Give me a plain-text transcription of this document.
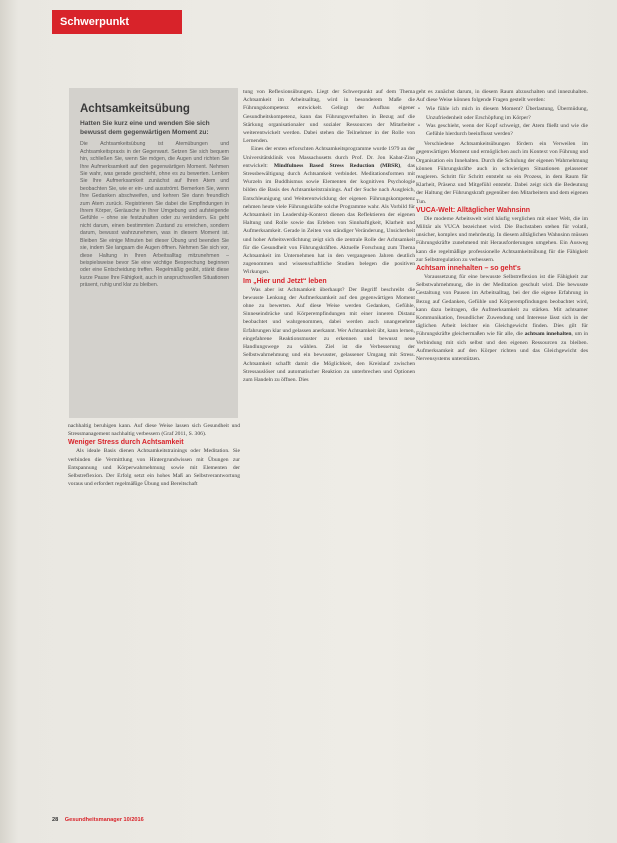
Schwerpunkt
Achtsamkeitsübung
Hatten Sie kurz eine und wenden Sie sich bewusst dem gegenwärtigen Moment zu:
Die Achtsamkeitsübung ist Atemübungen und Achtsamkeitspraxis in der Gegenwart. Setzen Sie sich bequem hin, schließen Sie, wenn Sie mögen, die Augen und richten Sie Ihre Aufmerksamkeit auf den gegenwärtigen Moment. Nehmen Sie wahr, was gerade geschieht, ohne es zu bewerten. Lenken Sie Ihre Aufmerksamkeit zunächst auf Ihren Atem und beobachten Sie, wie er ein- und ausströmt. Bemerken Sie, wenn Ihre Gedanken abschweifen, und kehren Sie dann freundlich zum Atem zurück. Registrieren Sie dabei die Empfindungen in Ihrem Körper, Geräusche in Ihrer Umgebung und aufsteigende Gefühle – ohne sie festzuhalten oder zu verändern. Es geht nicht darum, einen bestimmten Zustand zu erreichen, sondern darum, bewusst wahrzunehmen, was in diesem Moment ist. Bleiben Sie einige Minuten bei dieser Übung und beenden Sie sie, indem Sie langsam die Augen öffnen. Nehmen Sie sich vor, diese Haltung in Ihren Arbeitsalltag mitzunehmen – beispielsweise bevor Sie eine wichtige Besprechung beginnen oder eine Entscheidung treffen. Regelmäßig geübt, stärkt diese kurze Pause Ihre Fähigkeit, auch in anspruchsvollen Situationen präsent, ruhig und klar zu bleiben.

nachhaltig beruhigen kann. Auf diese Weise lassen sich Gesundheit und Stressmanagement nachhaltig verbessern (Graf 2011, S. 306).

Weniger Stress durch Achtsamkeit

Als ideale Basis dienen Achtsamkeitstrainings oder Meditation. Sie verbinden die Vermittlung von Hintergrundwissen mit Übungen zur Entspannung und Körperwahrnehmung sowie mit Elementen der Selbstreflexion. Der Erfolg setzt ein hohes Maß an Selbstverantwortung voraus und erfordert regelmäßige Übung und Bereitschaft

tung von Reflexionsübungen. Liegt der Schwerpunkt auf dem Thema Achtsamkeit im Arbeitsalltag, wird in besonderem Maße die Führungskompetenz entwickelt. Gelingt der Aufbau eigener Gesundheitskompetenz, kann das Führungsverhalten in Bezug auf die Stärkung organisationaler und sozialer Ressourcen der Mitarbeiter weiterentwickelt werden. Dabei stehen die Teilnehmer in der Rolle von Lernenden.

Eines der ersten erforschten Achtsamkeitsprogramme wurde 1979 an der Universitätsklinik von Massachusetts durch Prof. Dr. Jon Kabat-Zinn entwickelt: Mindfulness Based Stress Reduction (MBSR), das Stressbewältigung durch Achtsamkeit verbindet. Meditationsformen mit Wurzeln im Buddhismus sowie Elementen der kognitiven Psychologie bilden die Basis des Achtsamkeitstrainings. Auf der Suche nach Ausgleich, Entschleunigung und Weiterentwicklung der eigenen Führungskompetenz nehmen heute viele Führungskräfte solche Programme wahr. Als Vorbild für Achtsamkeit im Leadership-Kontext dienen das Reflektieren der eigenen Haltung und Rolle sowie das Erleben von Sinnhaftigkeit, Klarheit und Aufmerksamkeit. Gerade in Zeiten von ständiger Veränderung, Unsicherheit und hoher Arbeitsverdichtung zeigt sich die zentrale Rolle der Achtsamkeit für die Gesundheit von Führungskräften. Aktuelle Forschung zum Thema Achtsamkeit im Unternehmen hat in den vergangenen Jahren deutlich zugenommen und wissenschaftliche Studien belegen die positiven Wirkungen.

Im „Hier und Jetzt“ leben

Was aber ist Achtsamkeit überhaupt? Der Begriff beschreibt die bewusste Lenkung der Aufmerksamkeit auf den gegenwärtigen Moment ohne zu bewerten. Auf diese Weise werden Gedanken, Gefühle, Sinneseindrücke und Körperempfindungen mit einer inneren Distanz beobachtet und wahrgenommen, dabei werden auch unangenehme Erfahrungen klar und gelassen anerkannt. Wer Achtsamkeit übt, kann lernen, eingefahrene Reaktionsmuster zu erkennen und bewusst neue Handlungswege zu wählen. Ziel ist die Verbesserung der Selbstwahrnehmung und ein bewusster, gelassener Umgang mit Stress. Achtsamkeit schafft damit die Möglichkeit, den Kreislauf zwischen Stressauslöser und automatischer Reaktion zu unterbrechen und Optionen zum Handeln zu öffnen. Dies

geht es zunächst darum, in diesem Raum abzuschalten und innezuhalten. Auf diese Weise können folgende Fragen gestellt werden:

• Wie fühle ich mich in diesem Moment? Überlastung, Übermüdung, Unzufriedenheit oder Erschöpfung im Körper?
• Was geschieht, wenn der Kopf schweigt, der Atem fließt und wie die Gefühle hierdurch beeinflusst werden?

Verschiedene Achtsamkeitsübungen fördern ein Verweilen im gegenwärtigen Moment und ermöglichen auch im Kontext von Führung und Organisation ein Innehalten. Durch die Schulung der eigenen Wahrnehmung können Führungskräfte auch in schwierigen Situationen gelassener reagieren. Schritt für Schritt entsteht so ein Prozess, in dem Raum für Klarheit, Präsenz und Mitgefühl entsteht. Dabei zeigt sich die Bedeutung der Haltung der Führungskraft gegenüber den Mitarbeitern und dem eigenen Tun.

VUCA-Welt: Alltäglicher Wahnsinn

Die moderne Arbeitswelt wird häufig verglichen mit einer Welt, die im Militär als VUCA bezeichnet wird. Die Buchstaben stehen für volatil, unsicher, komplex und mehrdeutig. In diesem alltäglichen Wahnsinn müssen Führungskräfte zunehmend mit Herausforderungen umgehen. Ein Ausweg kann die regelmäßige professionelle Achtsamkeitsübung für die Fähigkeit zur Selbstregulation zu verbessern.

Achtsam innehalten – so geht's

Voraussetzung für eine bewusste Selbstreflexion ist die Fähigkeit zur Selbstwahrnehmung, die in der Meditation geschult wird. Die bewusste Gestaltung von Pausen im Arbeitsalltag, bei der die eigene Erfahrung in Bezug auf Gedanken, Gefühle und Körperempfindungen beobachtet wird, kann dazu beitragen, die Aufmerksamkeit zu stärken. Mit achtsamer Kommunikation, freundlicher Zuwendung und Interesse lässt sich in der täglichen Arbeit leichter ein Gleichgewicht finden. Dies gilt für Führungskräfte gleichermaßen wie für alle, die achtsam innehalten, um in Verbindung mit sich selbst und den eigenen Ressourcen zu bleiben. Aufmerksamkeit auf den Körper richten und das Gleichgewicht des Nervensystems unterstützen.

28 Gesundheitsmanager 10/2016
